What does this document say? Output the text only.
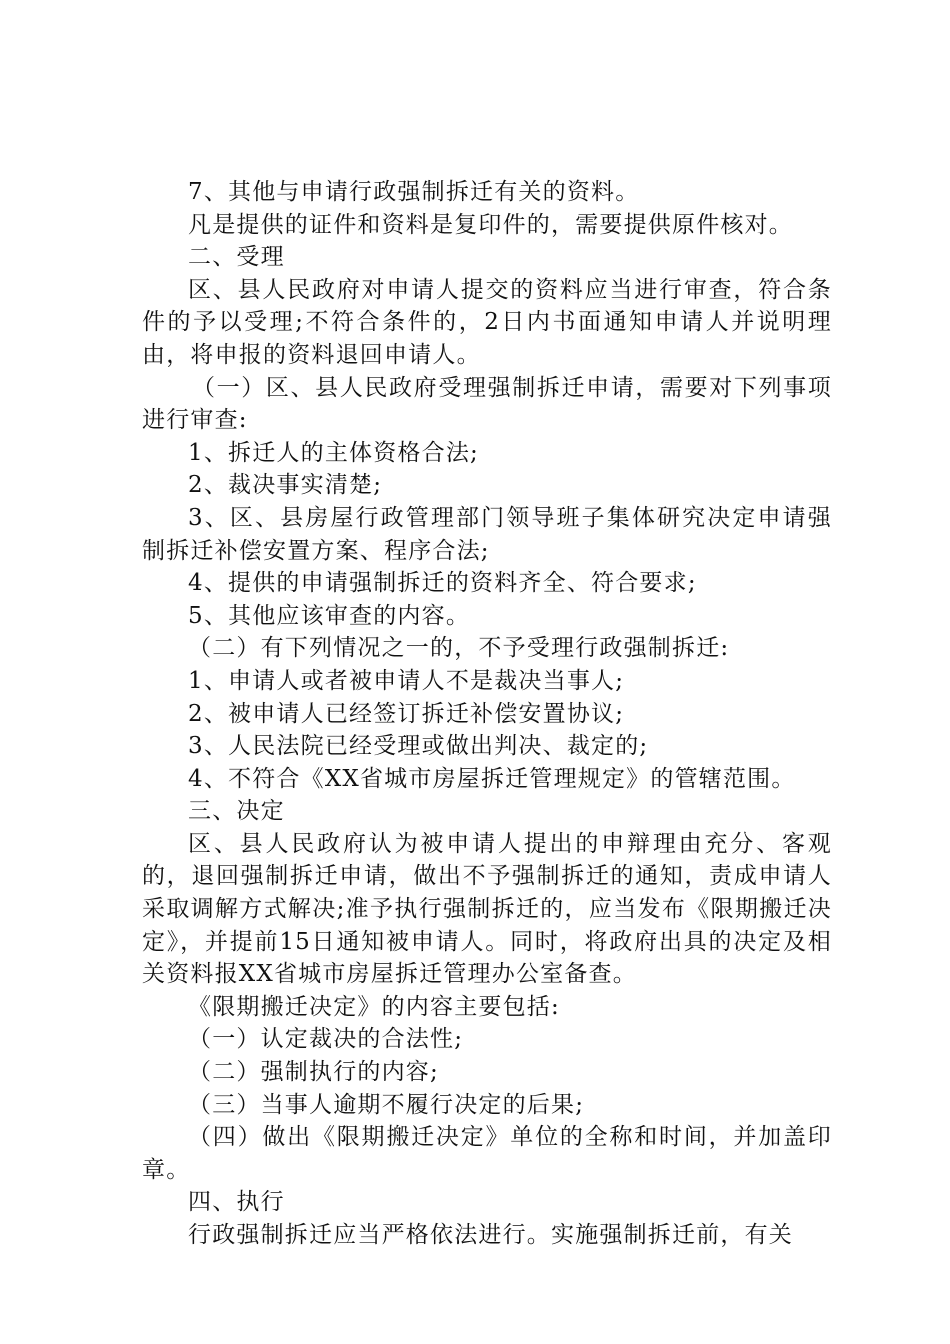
7、其他与申请行政强制拆迁有关的资料。

凡是提供的证件和资料是复印件的，需要提供原件核对。

二、受理

区、县人民政府对申请人提交的资料应当进行审查，符合条件的予以受理;不符合条件的，2日内书面通知申请人并说明理由，将申报的资料退回申请人。

（一）区、县人民政府受理强制拆迁申请，需要对下列事项进行审查:

1、拆迁人的主体资格合法;

2、裁决事实清楚;

3、区、县房屋行政管理部门领导班子集体研究决定申请强制拆迁补偿安置方案、程序合法;

4、提供的申请强制拆迁的资料齐全、符合要求;

5、其他应该审查的内容。

（二）有下列情况之一的，不予受理行政强制拆迁:

1、申请人或者被申请人不是裁决当事人;

2、被申请人已经签订拆迁补偿安置协议;

3、人民法院已经受理或做出判决、裁定的;

4、不符合《XX省城市房屋拆迁管理规定》的管辖范围。

三、决定

区、县人民政府认为被申请人提出的申辩理由充分、客观的，退回强制拆迁申请，做出不予强制拆迁的通知，责成申请人采取调解方式解决;准予执行强制拆迁的，应当发布《限期搬迁决定》，并提前15日通知被申请人。同时，将政府出具的决定及相关资料报XX省城市房屋拆迁管理办公室备查。

《限期搬迁决定》的内容主要包括:

（一）认定裁决的合法性;

（二）强制执行的内容;

（三）当事人逾期不履行决定的后果;

（四）做出《限期搬迁决定》单位的全称和时间，并加盖印章。

四、执行

行政强制拆迁应当严格依法进行。实施强制拆迁前，有关
